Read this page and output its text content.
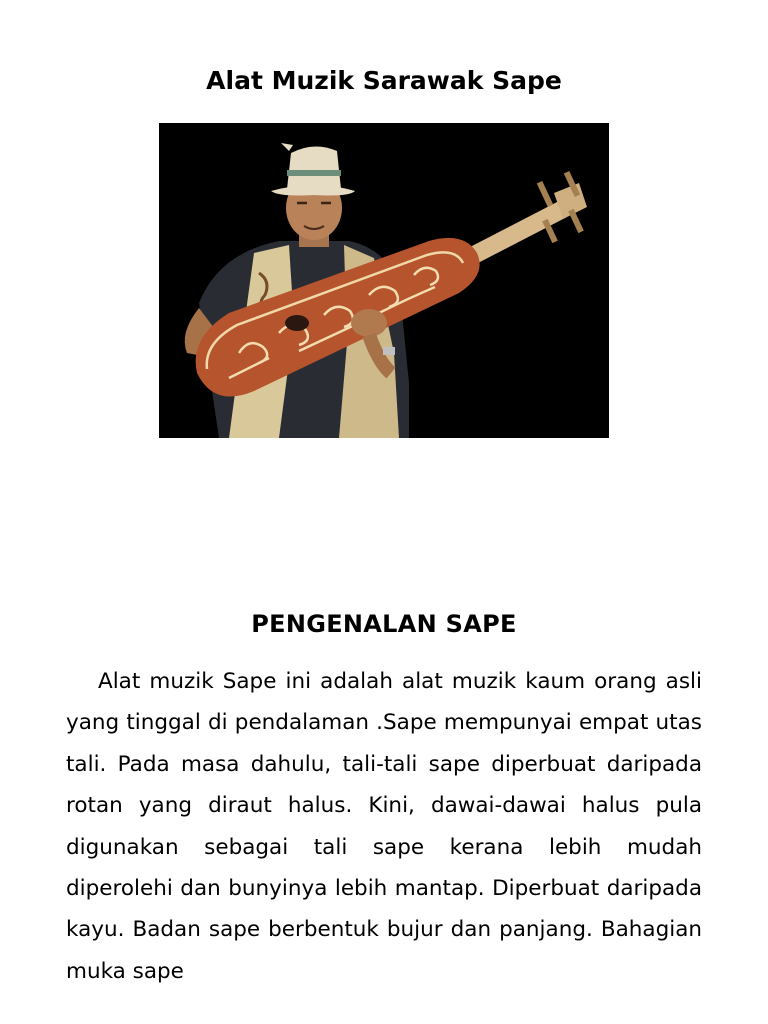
Alat Muzik Sarawak Sape
PENGENALAN SAPE

Alat muzik Sape ini adalah alat muzik kaum orang asli yang tinggal di pendalaman .Sape mempunyai empat utas tali. Pada masa dahulu, tali-tali sape diperbuat daripada rotan yang diraut halus. Kini, dawai-dawai halus pula digunakan sebagai tali sape kerana lebih mudah diperolehi dan bunyinya lebih mantap. Diperbuat daripada kayu. Badan sape berbentuk bujur dan panjang. Bahagian muka sape
